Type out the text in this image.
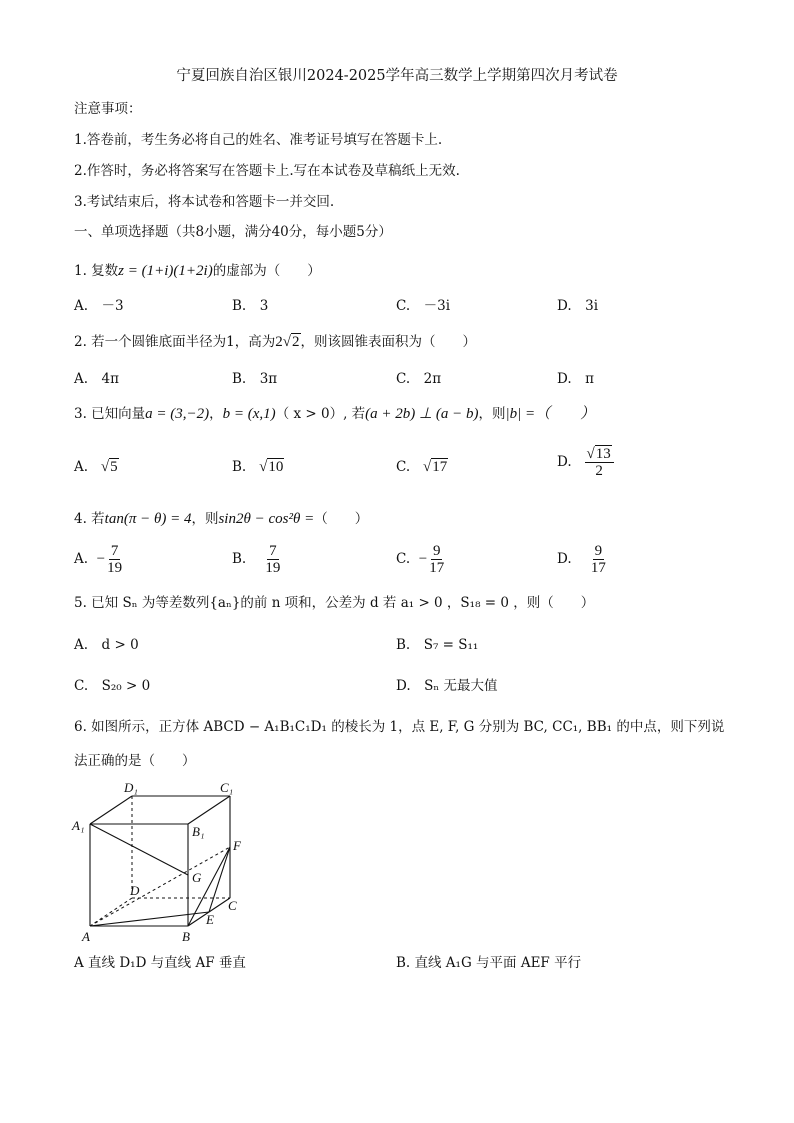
宁夏回族自治区银川2024-2025学年高三数学上学期第四次月考试卷
注意事项：
1.答卷前，考生务必将自己的姓名、准考证号填写在答题卡上.
2.作答时，务必将答案写在答题卡上.写在本试卷及草稿纸上无效.
3.考试结束后，将本试卷和答题卡一并交回.
一、单项选择题（共8小题，满分40分，每小题5分）
1. 复数z = (1+i)(1+2i)的虚部为（　　）
A.　－3	B.　3	C.　－3i	D.　3i
2. 若一个圆锥底面半径为1，高为2√2，则该圆锥表面积为（　　）
A.　4π	B.　3π	C.　2π	D.　π
3. 已知向量a = (3,−2)，b = (x,1)（ x > 0）, 若(a + 2b) ⊥ (a − b)，则|b| =（　　）
A. √5	B. √10	C. √17	D. $\frac{√13}{2}$
4. 若tan(π − θ) = 4，则sin2θ − cos²θ =（　　）
A. − $\frac{7}{19}$	B. $\frac{7}{19}$	C. − $\frac{9}{17}$	D. $\frac{9}{17}$
5. 已知 Sₙ 为等差数列{aₙ}的前 n 项和，公差为 d 若 a₁ > 0 ，S₁₈ = 0 ，则（　　）
A.　d > 0	B.　S₇ = S₁₁
C.　S₂₀ > 0	D.　Sₙ 无最大值
6. 如图所示，正方体 ABCD − A₁B₁C₁D₁ 的棱长为 1，点 E, F, G 分别为 BC, CC₁, BB₁ 的中点，则下列说
法正确的是（　　）
D₁	C₁
A₁	B₁
F
G
D
C
E
A	B
A 直线 D₁D 与直线 AF 垂直	B. 直线 A₁G 与平面 AEF 平行
